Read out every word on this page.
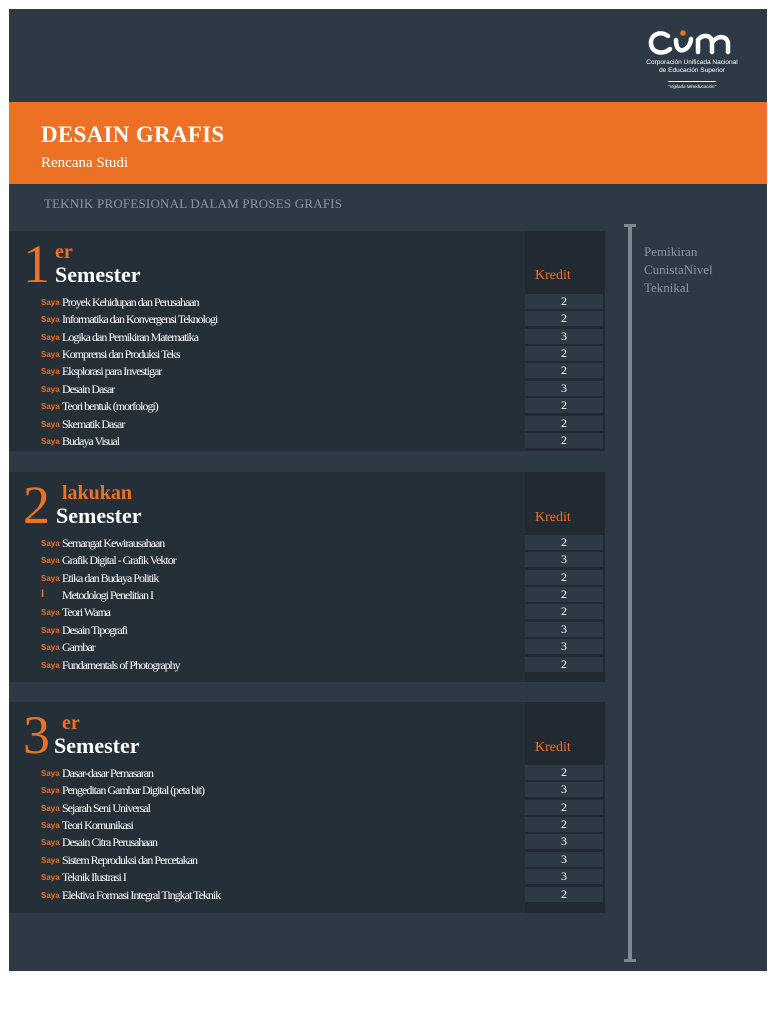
Corporación Unificada Nacional
de Educación Superior
"Vigilada Mineducación"
DESAIN GRAFIS
Rencana Studi
TEKNIK PROFESIONAL DALAM PROSES GRAFIS
1 er
Semester	Kredit
Saya Proyek Kehidupan dan Perusahaan	2
Saya Informatika dan Konvergensi Teknologi	2
Saya Logika dan Pemikiran Matematika	3
Saya Komprensi dan Produksi Teks	2
Saya Eksplorasi para Investigar	2
Saya Desain Dasar	3
Saya Teori bentuk (morfologi)	2
Saya Skematik Dasar	2
Saya Budaya Visual	2
2 lakukan
Semester	Kredit
Saya Semangat Kewirausahaan	2
Saya Grafik Digital - Grafik Vektor	3
Saya Etika dan Budaya Politik	2
I Metodologi Penelitian I	2
Saya Teori Warna	2
Saya Desain Tipografi	3
Saya Gambar	3
Saya Fundamentals of Photography	2
3 er
Semester	Kredit
Saya Dasar-dasar Pemasaran	2
Saya Pengeditan Gambar Digital (peta bit)	3
Saya Sejarah Seni Universal	2
Saya Teori Komunikasi	2
Saya Desain Citra Perusahaan	3
Saya Sistem Reproduksi dan Percetakan	3
Saya Teknik Ilustrasi I	3
Saya Elektiva Formasi Integral Tingkat Teknik	2
Pemikiran
CunistaNivel
Teknikal
